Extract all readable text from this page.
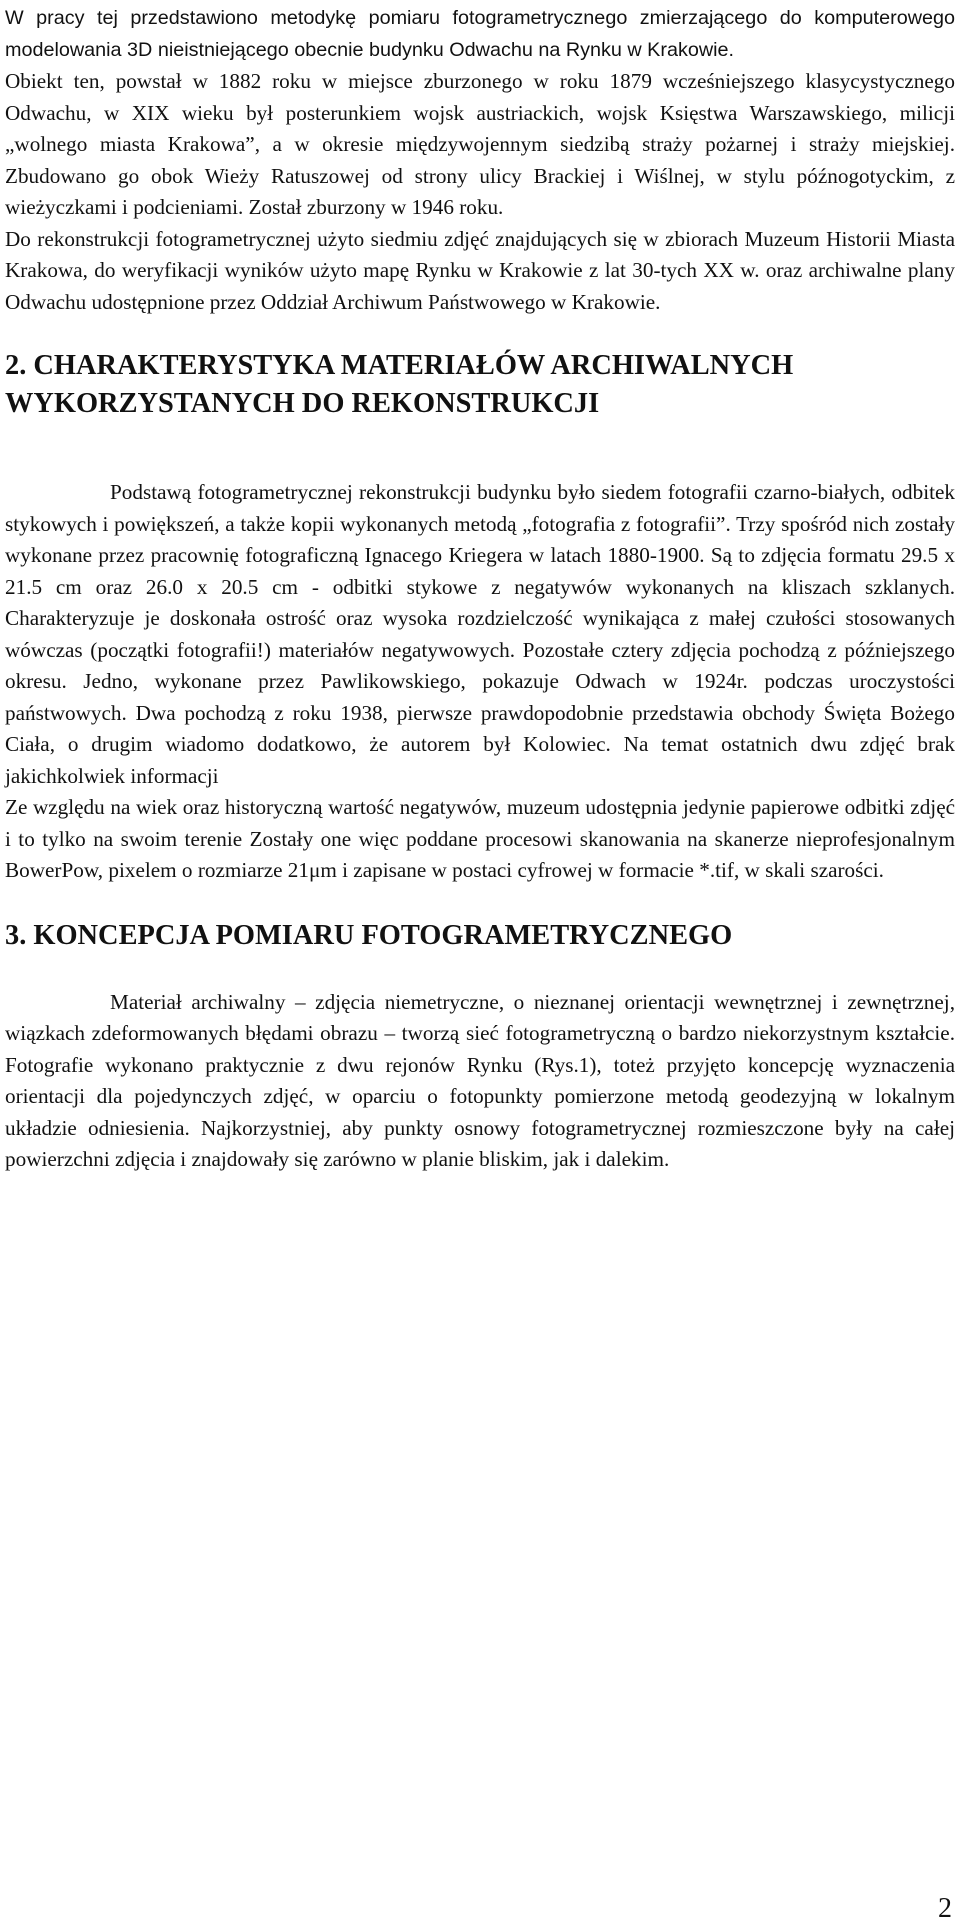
W pracy tej przedstawiono metodykę pomiaru fotogrametrycznego zmierzającego do komputerowego modelowania 3D nieistniejącego obecnie budynku Odwachu na Rynku w Krakowie.

Obiekt ten, powstał w 1882 roku w miejsce zburzonego w roku 1879 wcześniejszego klasycystycznego Odwachu, w XIX wieku był posterunkiem wojsk austriackich, wojsk Księstwa Warszawskiego, milicji „wolnego miasta Krakowa”, a w okresie międzywojennym siedzibą straży pożarnej i straży miejskiej. Zbudowano go obok Wieży Ratuszowej od strony ulicy Brackiej i Wiślnej, w stylu późnogotyckim, z wieżyczkami i podcieniami. Został zburzony w 1946 roku.

Do rekonstrukcji fotogrametrycznej użyto siedmiu zdjęć znajdujących się w zbiorach Muzeum Historii Miasta Krakowa, do weryfikacji wyników użyto mapę Rynku w Krakowie z lat 30-tych XX w. oraz archiwalne plany Odwachu udostępnione przez Oddział Archiwum Państwowego w Krakowie.

2. CHARAKTERYSTYKA MATERIAŁÓW ARCHIWALNYCH WYKORZYSTANYCH DO REKONSTRUKCJI

Podstawą fotogrametrycznej rekonstrukcji budynku było siedem fotografii czarno-białych, odbitek stykowych i powiększeń, a także kopii wykonanych metodą „fotografia z fotografii”. Trzy spośród nich zostały wykonane przez pracownię fotograficzną Ignacego Kriegera w latach 1880-1900. Są to zdjęcia formatu 29.5 x 21.5 cm oraz 26.0 x 20.5 cm - odbitki stykowe z negatywów wykonanych na kliszach szklanych. Charakteryzuje je doskonała ostrość oraz wysoka rozdzielczość wynikająca z małej czułości stosowanych wówczas (początki fotografii!) materiałów negatywowych. Pozostałe cztery zdjęcia pochodzą z późniejszego okresu. Jedno, wykonane przez Pawlikowskiego, pokazuje Odwach w 1924r. podczas uroczystości państwowych. Dwa pochodzą z roku 1938, pierwsze prawdopodobnie przedstawia obchody Święta Bożego Ciała, o drugim wiadomo dodatkowo, że autorem był Kolowiec. Na temat ostatnich dwu zdjęć brak jakichkolwiek informacji

Ze względu na wiek oraz historyczną wartość negatywów, muzeum udostępnia jedynie papierowe odbitki zdjęć i to tylko na swoim terenie Zostały one więc poddane procesowi skanowania na skanerze nieprofesjonalnym BowerPow, pixelem o rozmiarze 21μm i zapisane w postaci cyfrowej w formacie *.tif, w skali szarości.

3. KONCEPCJA POMIARU FOTOGRAMETRYCZNEGO

Materiał archiwalny – zdjęcia niemetryczne, o nieznanej orientacji wewnętrznej i zewnętrznej, wiązkach zdeformowanych błędami obrazu – tworzą sieć fotogrametryczną o bardzo niekorzystnym kształcie. Fotografie wykonano praktycznie z dwu rejonów Rynku (Rys.1), toteż przyjęto koncepcję wyznaczenia orientacji dla pojedynczych zdjęć, w oparciu o fotopunkty pomierzone metodą geodezyjną w lokalnym układzie odniesienia. Najkorzystniej, aby punkty osnowy fotogrametrycznej rozmieszczone były na całej powierzchni zdjęcia i znajdowały się zarówno w planie bliskim, jak i dalekim.

2
